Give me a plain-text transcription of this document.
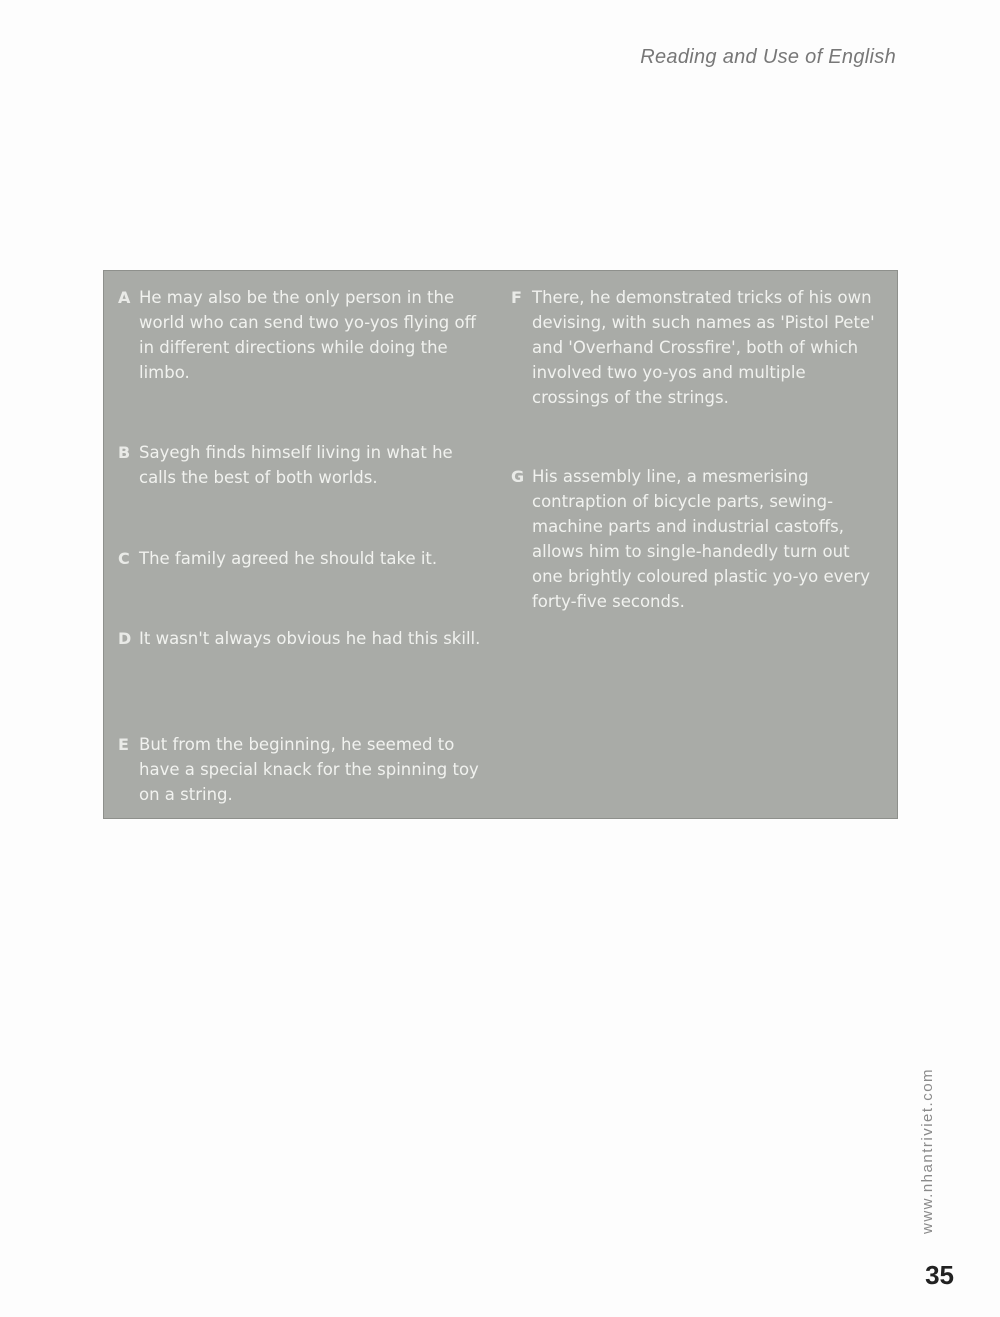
Reading and Use of English
A He may also be the only person in the world who can send two yo-yos flying off in different directions while doing the limbo.
B Sayegh finds himself living in what he calls the best of both worlds.
C The family agreed he should take it.
D It wasn't always obvious he had this skill.
E But from the beginning, he seemed to have a special knack for the spinning toy on a string.
F There, he demonstrated tricks of his own devising, with such names as 'Pistol Pete' and 'Overhand Crossfire', both of which involved two yo-yos and multiple crossings of the strings.
G His assembly line, a mesmerising contraption of bicycle parts, sewing-machine parts and industrial castoffs, allows him to single-handedly turn out one brightly coloured plastic yo-yo every forty-five seconds.
www.nhantriviet.com
35
